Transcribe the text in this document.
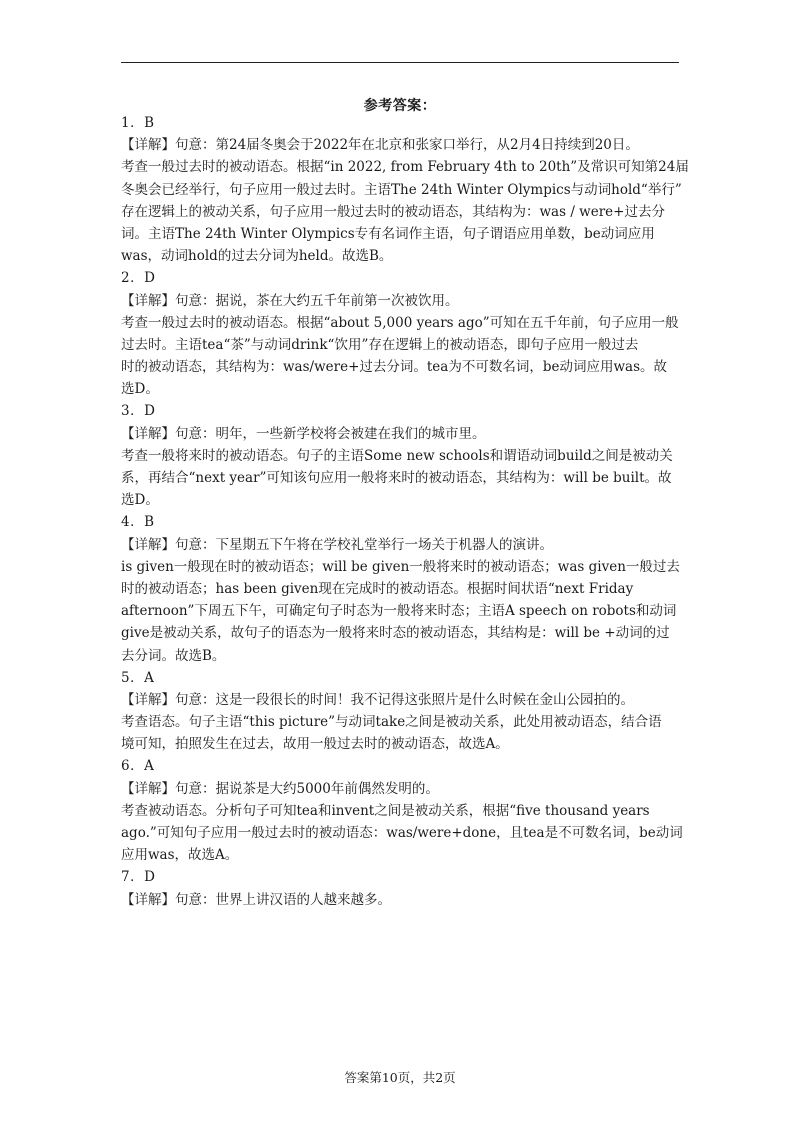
参考答案：
1．B
【详解】句意：第24届冬奥会于2022年在北京和张家口举行，从2月4日持续到20日。
考查一般过去时的被动语态。根据“in 2022, from February 4th to 20th”及常识可知第24届
冬奥会已经举行，句子应用一般过去时。主语The 24th Winter Olympics与动词hold“举行”
存在逻辑上的被动关系，句子应用一般过去时的被动语态，其结构为：was / were+过去分
词。主语The 24th Winter Olympics专有名词作主语，句子谓语应用单数，be动词应用
was，动词hold的过去分词为held。故选B。
2．D
【详解】句意：据说，茶在大约五千年前第一次被饮用。
考查一般过去时的被动语态。根据“about 5,000 years ago”可知在五千年前，句子应用一般
过去时。主语tea“茶”与动词drink“饮用”存在逻辑上的被动语态，即句子应用一般过去
时的被动语态，其结构为：was/were+过去分词。tea为不可数名词，be动词应用was。故
选D。
3．D
【详解】句意：明年，一些新学校将会被建在我们的城市里。
考查一般将来时的被动语态。句子的主语Some new schools和谓语动词build之间是被动关
系，再结合“next year”可知该句应用一般将来时的被动语态，其结构为：will be built。故
选D。
4．B
【详解】句意：下星期五下午将在学校礼堂举行一场关于机器人的演讲。
is given一般现在时的被动语态；will be given一般将来时的被动语态；was given一般过去
时的被动语态；has been given现在完成时的被动语态。根据时间状语“next Friday
afternoon”下周五下午，可确定句子时态为一般将来时态；主语A speech on robots和动词
give是被动关系，故句子的语态为一般将来时态的被动语态，其结构是：will be +动词的过
去分词。故选B。
5．A
【详解】句意：这是一段很长的时间！我不记得这张照片是什么时候在金山公园拍的。
考查语态。句子主语“this picture”与动词take之间是被动关系，此处用被动语态，结合语
境可知，拍照发生在过去，故用一般过去时的被动语态，故选A。
6．A
【详解】句意：据说茶是大约5000年前偶然发明的。
考查被动语态。分析句子可知tea和invent之间是被动关系，根据“five thousand years
ago.”可知句子应用一般过去时的被动语态：was/were+done，且tea是不可数名词，be动词
应用was，故选A。
7．D
【详解】句意：世界上讲汉语的人越来越多。
答案第10页，共2页
